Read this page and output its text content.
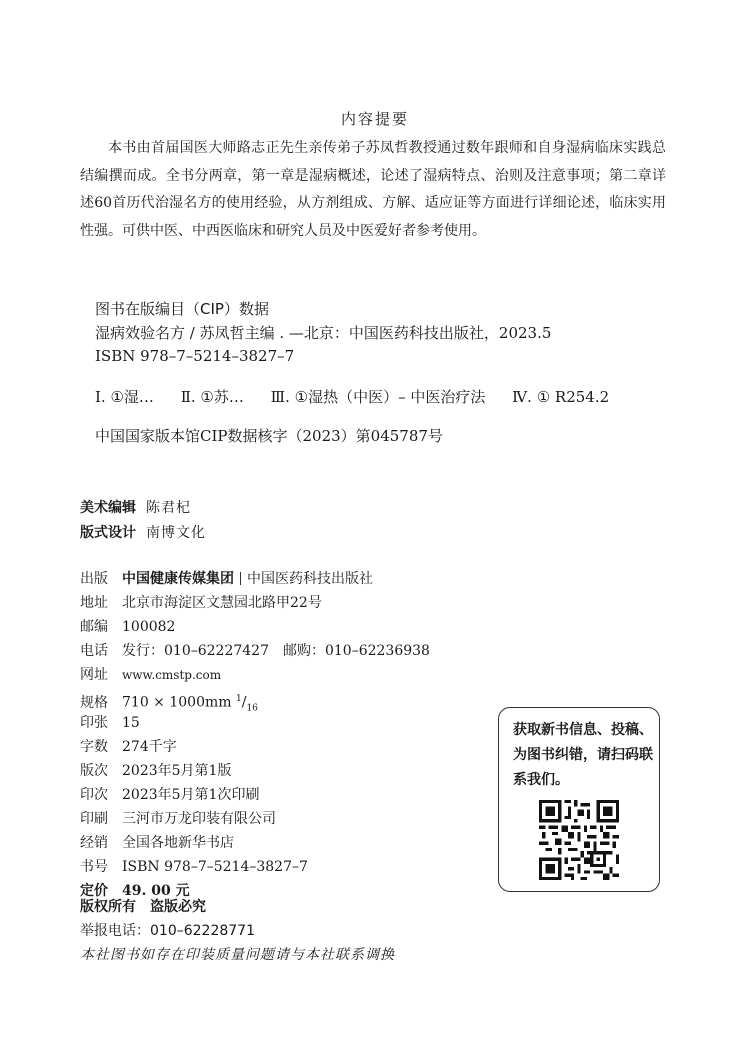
内容提要

本书由首届国医大师路志正先生亲传弟子苏凤哲教授通过数年跟师和自身湿病临床实践总结编撰而成。全书分两章，第一章是湿病概述，论述了湿病特点、治则及注意事项；第二章详述60首历代治湿名方的使用经验，从方剂组成、方解、适应证等方面进行详细论述，临床实用性强。可供中医、中西医临床和研究人员及中医爱好者参考使用。

图书在版编目（CIP）数据
湿病效验名方 / 苏凤哲主编 . —北京：中国医药科技出版社，2023.5
ISBN 978–7–5214–3827–7
Ⅰ. ①湿… Ⅱ. ①苏… Ⅲ. ①湿热（中医）– 中医治疗法 Ⅳ. ① R254.2
中国国家版本馆CIP数据核字（2023）第045787号
美术编辑 陈君杞
版式设计 南博文化
出版 中国健康传媒集团 中国医药科技出版社
地址 北京市海淀区文慧园北路甲22号
邮编 100082
电话 发行：010–62227427　邮购：010–62236938
网址 www.cmstp.com
规格 710 × 1000mm $^1/_{16}$
印张 15
字数 274千字
版次 2023年5月第1版
印次 2023年5月第1次印刷
印刷 三河市万龙印装有限公司
经销 全国各地新华书店
书号 ISBN 978–7–5214–3827–7
定价 49. 00 元
版权所有　盗版必究
举报电话：010–62228771
本社图书如存在印装质量问题请与本社联系调换
获取新书信息、投稿、为图书纠错，请扫码联系我们。
